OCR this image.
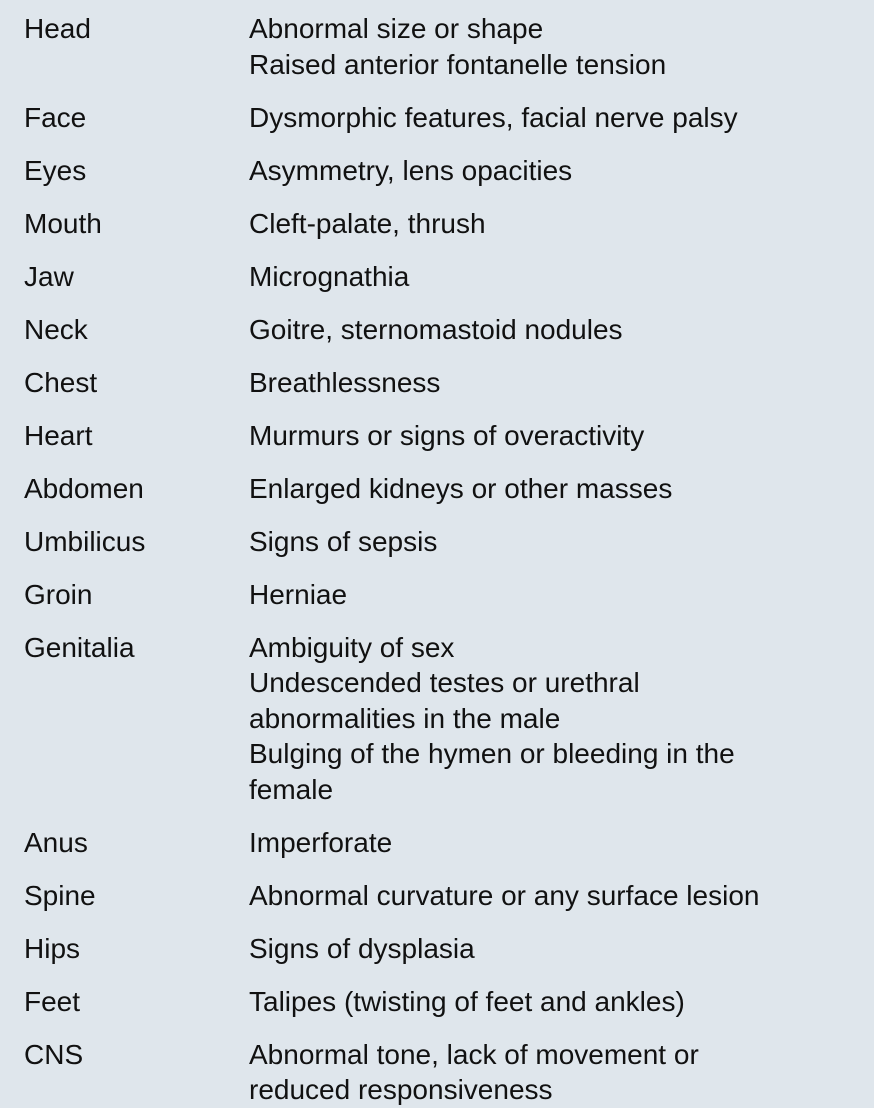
Head	Abnormal size or shape
Raised anterior fontanelle tension
Face	Dysmorphic features, facial nerve palsy
Eyes	Asymmetry, lens opacities
Mouth	Cleft-palate, thrush
Jaw	Micrognathia
Neck	Goitre, sternomastoid nodules
Chest	Breathlessness
Heart	Murmurs or signs of overactivity
Abdomen	Enlarged kidneys or other masses
Umbilicus	Signs of sepsis
Groin	Herniae
Genitalia	Ambiguity of sex
Undescended testes or urethral
abnormalities in the male
Bulging of the hymen or bleeding in the
female
Anus	Imperforate
Spine	Abnormal curvature or any surface lesion
Hips	Signs of dysplasia
Feet	Talipes (twisting of feet and ankles)
CNS	Abnormal tone, lack of movement or
reduced responsiveness
